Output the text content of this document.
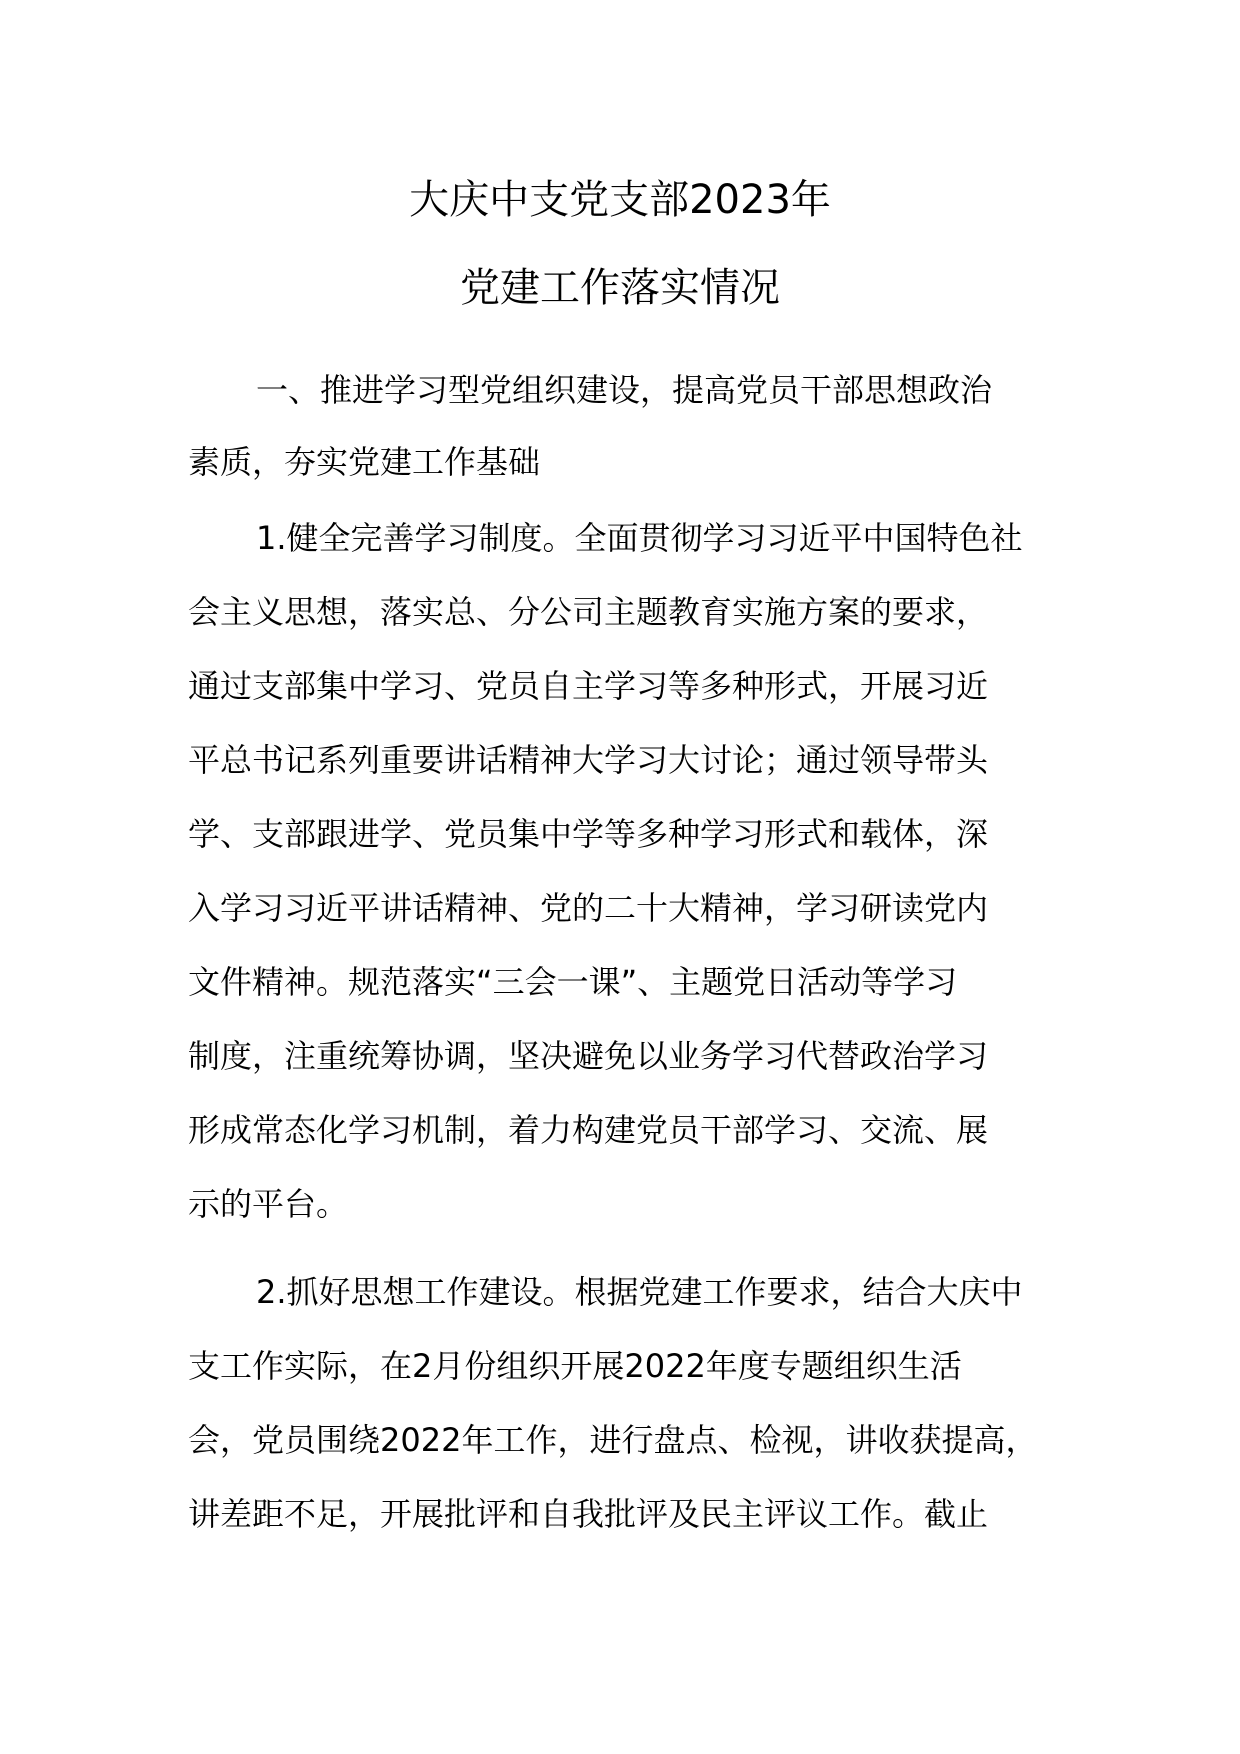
大庆中支党支部2023年
党建工作落实情况
一、推进学习型党组织建设，提高党员干部思想政治
素质，夯实党建工作基础
1.健全完善学习制度。全面贯彻学习习近平中国特色社
会主义思想，落实总、分公司主题教育实施方案的要求，
通过支部集中学习、党员自主学习等多种形式，开展习近
平总书记系列重要讲话精神大学习大讨论；通过领导带头
学、支部跟进学、党员集中学等多种学习形式和载体，深
入学习习近平讲话精神、党的二十大精神，学习研读党内
文件精神。规范落实“三会一课”、主题党日活动等学习
制度，注重统筹协调，坚决避免以业务学习代替政治学习
形成常态化学习机制，着力构建党员干部学习、交流、展
示的平台。
2.抓好思想工作建设。根据党建工作要求，结合大庆中
支工作实际，在2月份组织开展2022年度专题组织生活
会，党员围绕2022年工作，进行盘点、检视，讲收获提高，
讲差距不足，开展批评和自我批评及民主评议工作。截止
